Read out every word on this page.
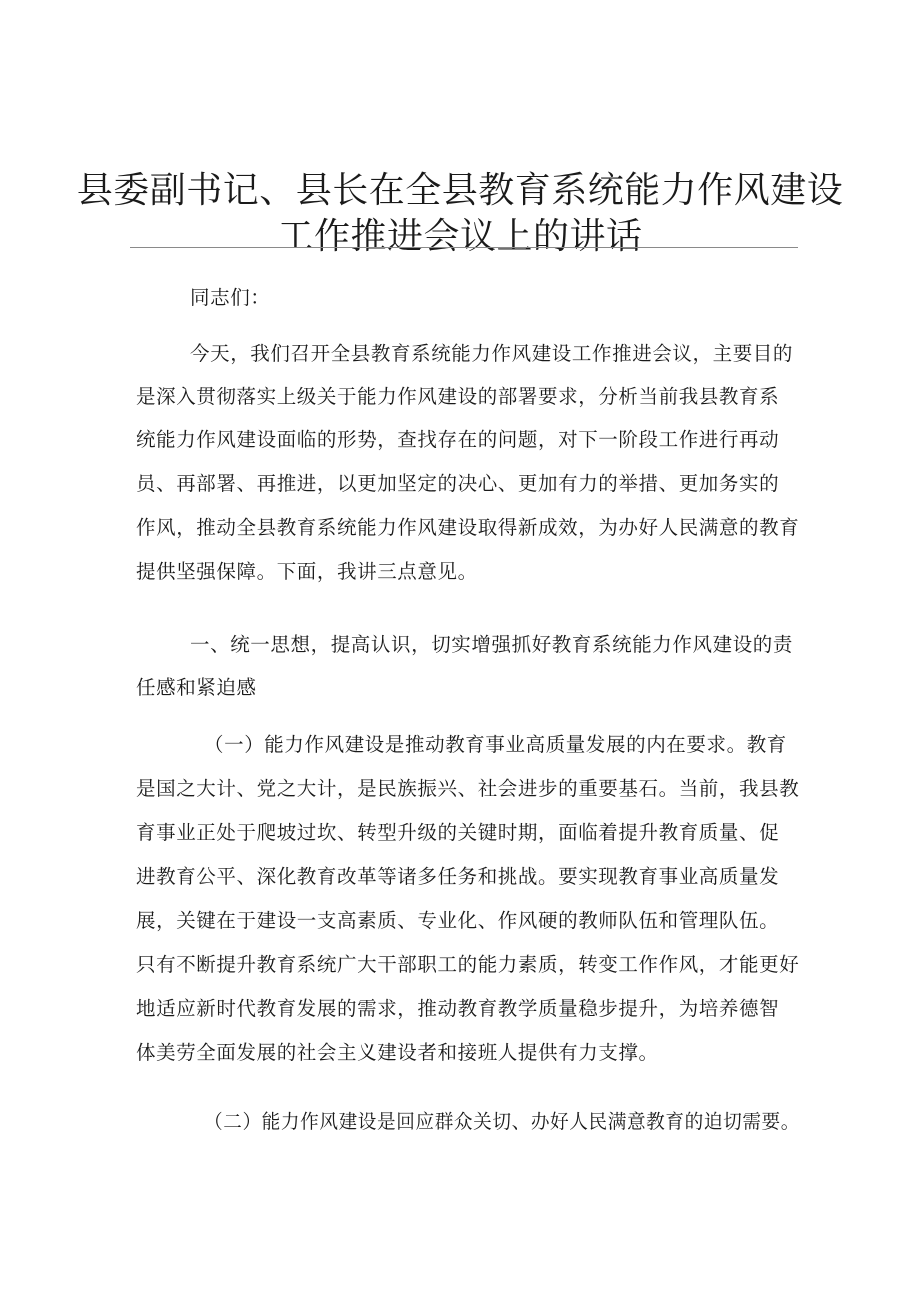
县委副书记、县长在全县教育系统能力作风建设
工作推进会议上的讲话
同志们：
今天，我们召开全县教育系统能力作风建设工作推进会议，主要目的
是深入贯彻落实上级关于能力作风建设的部署要求，分析当前我县教育系
统能力作风建设面临的形势，查找存在的问题，对下一阶段工作进行再动
员、再部署、再推进，以更加坚定的决心、更加有力的举措、更加务实的
作风，推动全县教育系统能力作风建设取得新成效，为办好人民满意的教育
提供坚强保障。下面，我讲三点意见。
一、统一思想，提高认识，切实增强抓好教育系统能力作风建设的责
任感和紧迫感
（一）能力作风建设是推动教育事业高质量发展的内在要求。教育
是国之大计、党之大计，是民族振兴、社会进步的重要基石。当前，我县教
育事业正处于爬坡过坎、转型升级的关键时期，面临着提升教育质量、促
进教育公平、深化教育改革等诸多任务和挑战。要实现教育事业高质量发
展，关键在于建设一支高素质、专业化、作风硬的教师队伍和管理队伍。
只有不断提升教育系统广大干部职工的能力素质，转变工作作风，才能更好
地适应新时代教育发展的需求，推动教育教学质量稳步提升，为培养德智
体美劳全面发展的社会主义建设者和接班人提供有力支撑。
（二）能力作风建设是回应群众关切、办好人民满意教育的迫切需要。
